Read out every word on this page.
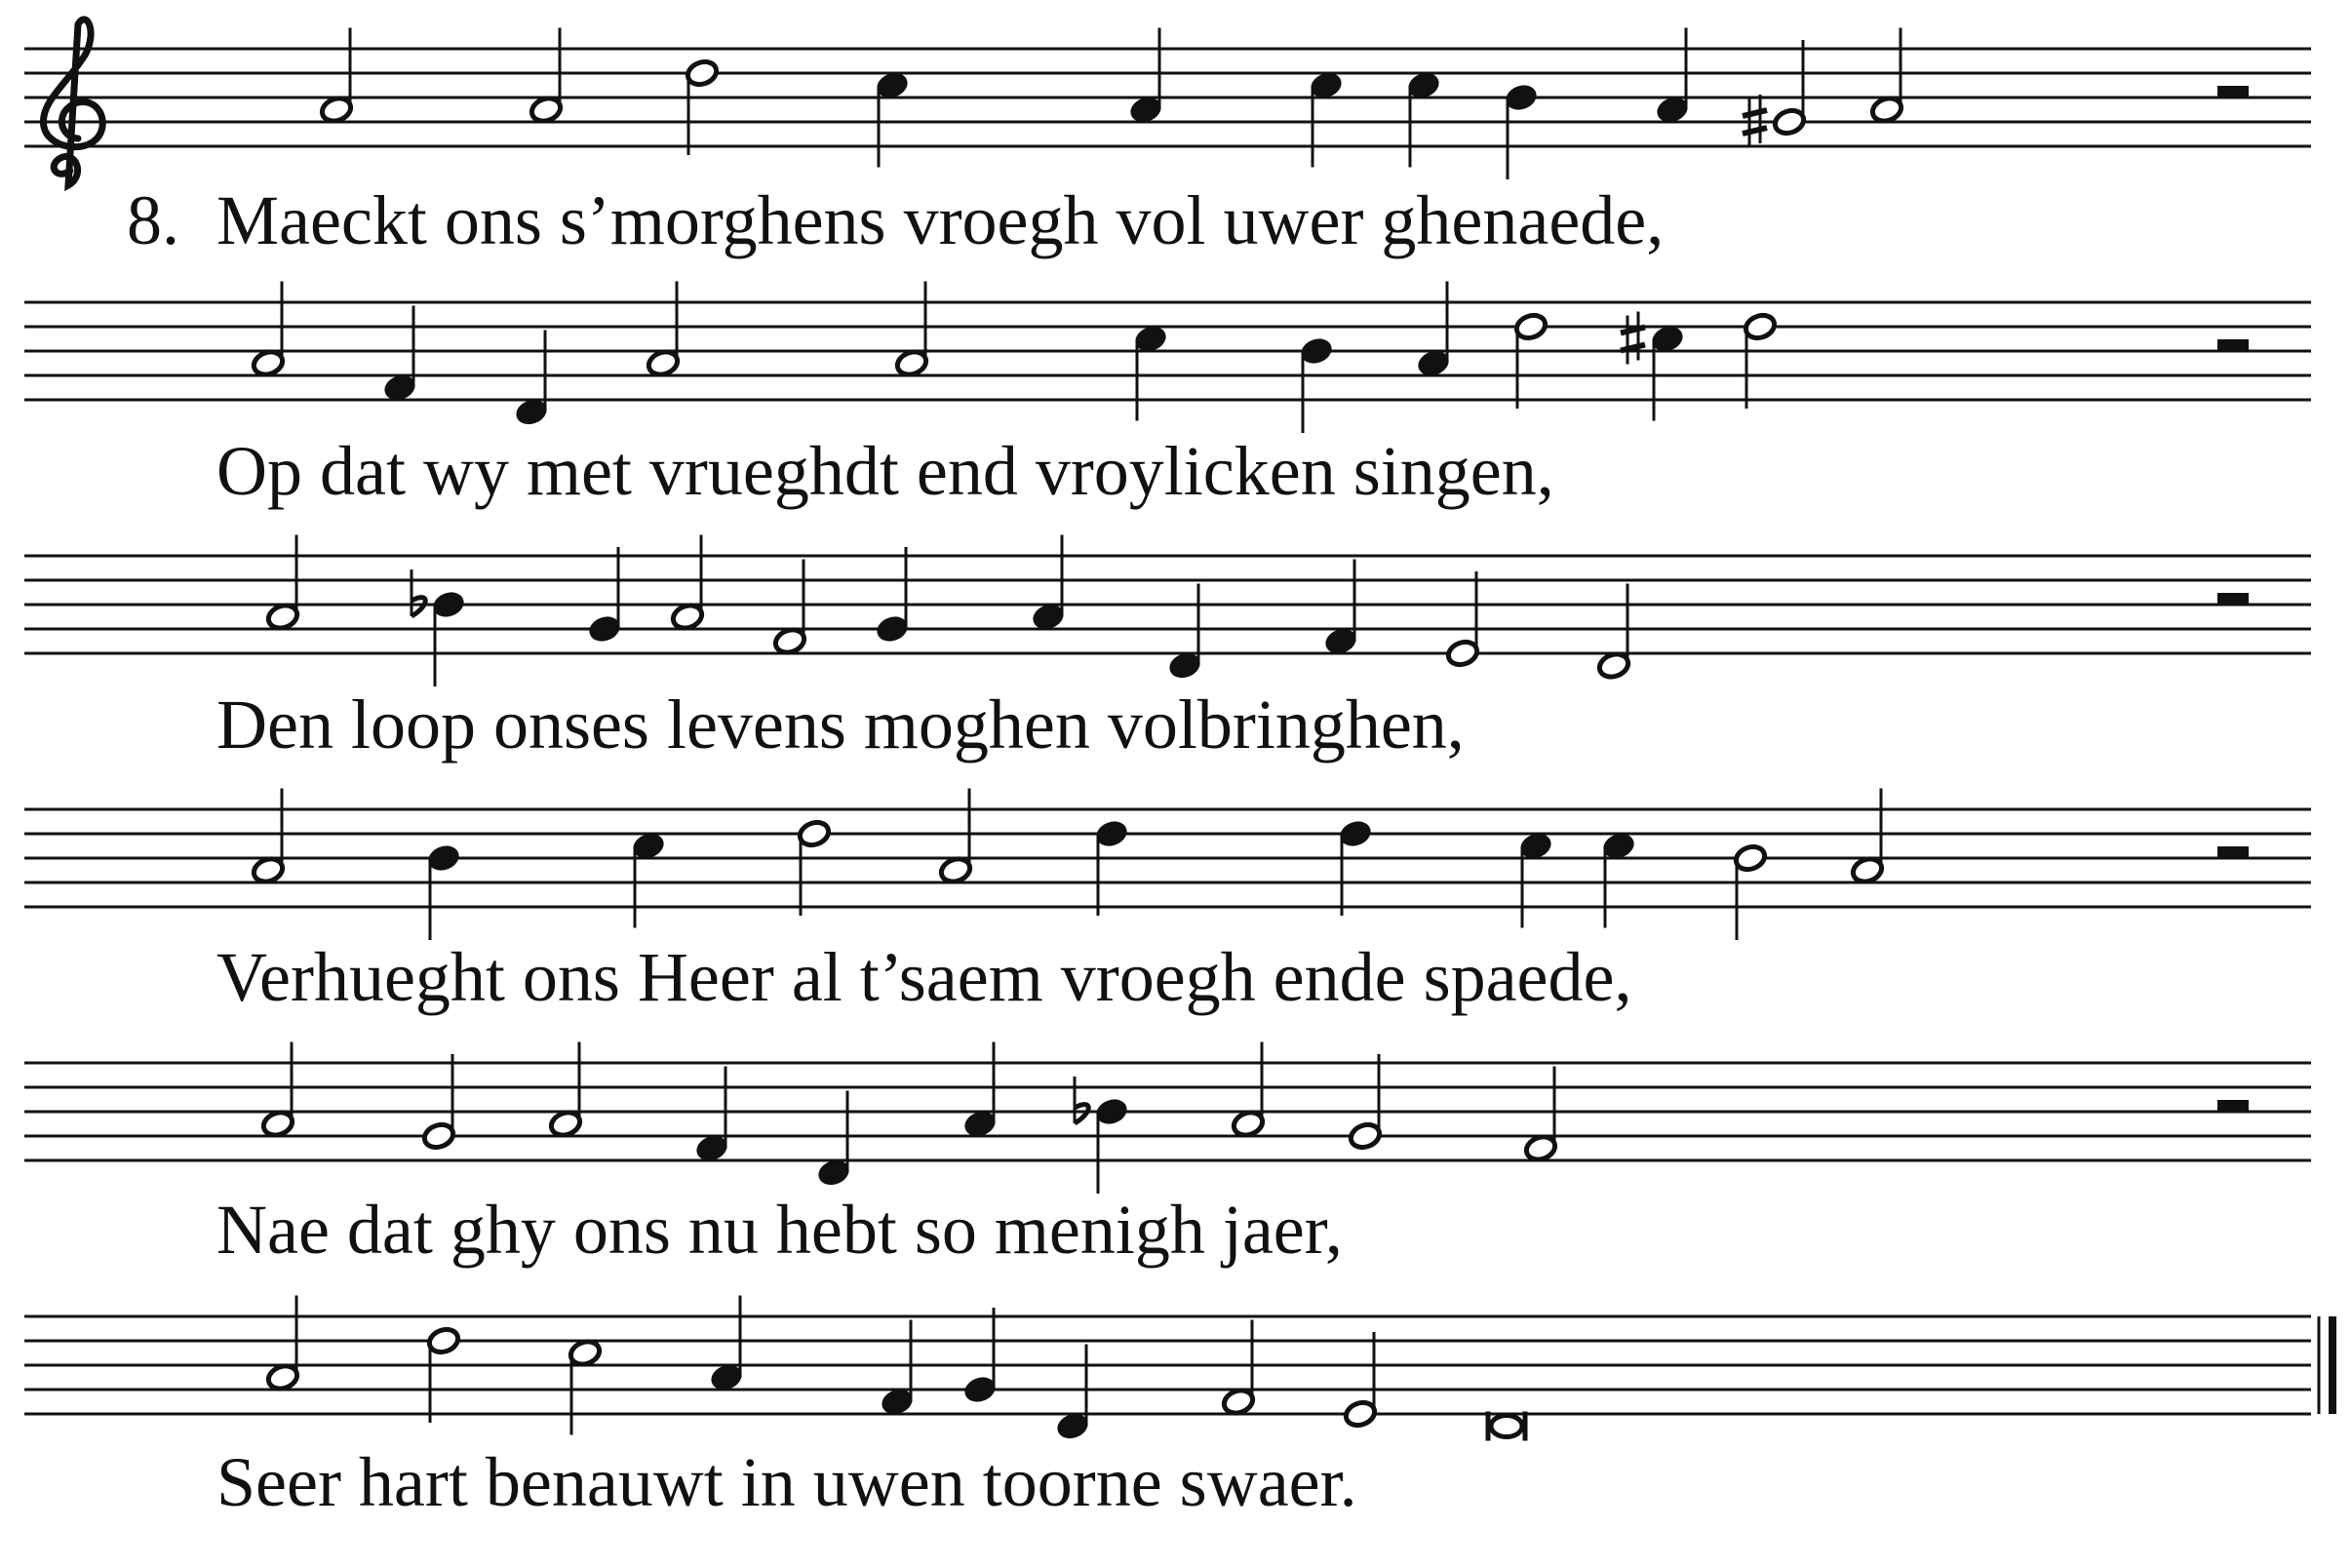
8. Maeckt ons s’morghens vroegh vol uwer ghenaede,
Op dat wy met vrueghdt end vroylicken singen,
Den loop onses levens moghen volbringhen,
Verhueght ons Heer al t’saem vroegh ende spaede,
Nae dat ghy ons nu hebt so menigh jaer,
Seer hart benauwt in uwen toorne swaer.
